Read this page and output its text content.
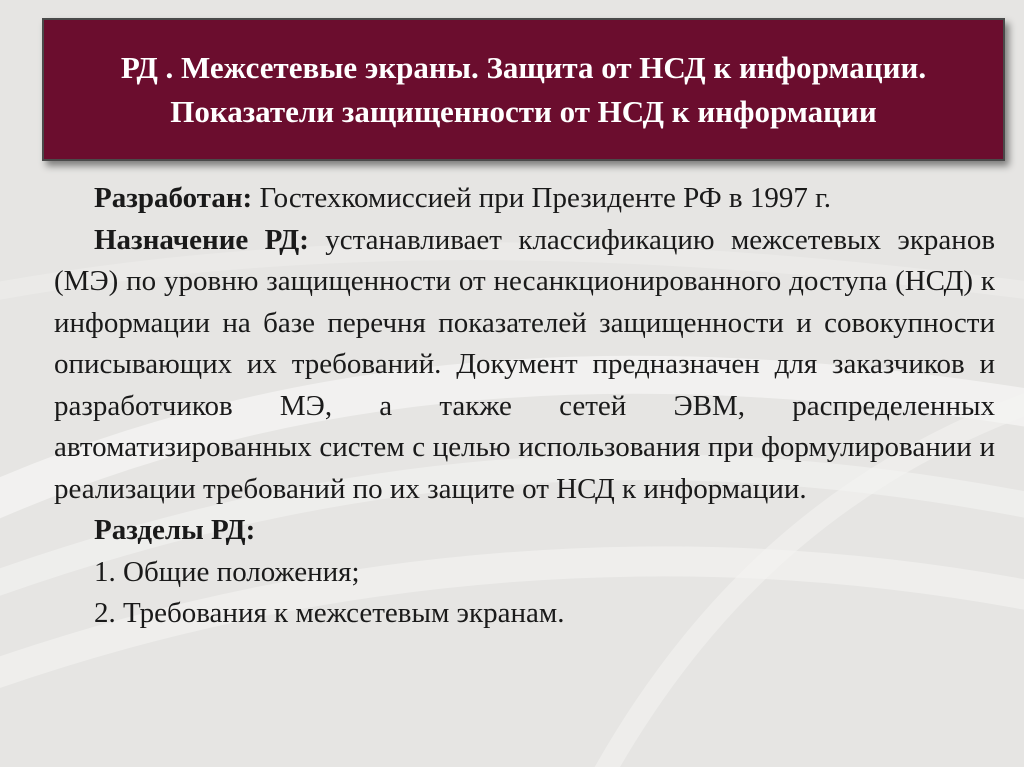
РД . Межсетевые экраны. Защита от НСД к информации. Показатели защищенности от НСД к информации

Разработан: Гостехкомиссией при Президенте РФ в 1997 г.

Назначение РД: устанавливает классификацию межсетевых экранов (МЭ) по уровню защищенности от несанкционированного доступа (НСД) к информации на базе перечня показателей защищенности и совокупности описывающих их требований. Документ предназначен для заказчиков и разработчиков МЭ, а также сетей ЭВМ, распределенных автоматизированных систем с целью использования при формулировании и реализации требований по их защите от НСД к информации.

Разделы РД:

1. Общие положения;

2. Требования к межсетевым экранам.
